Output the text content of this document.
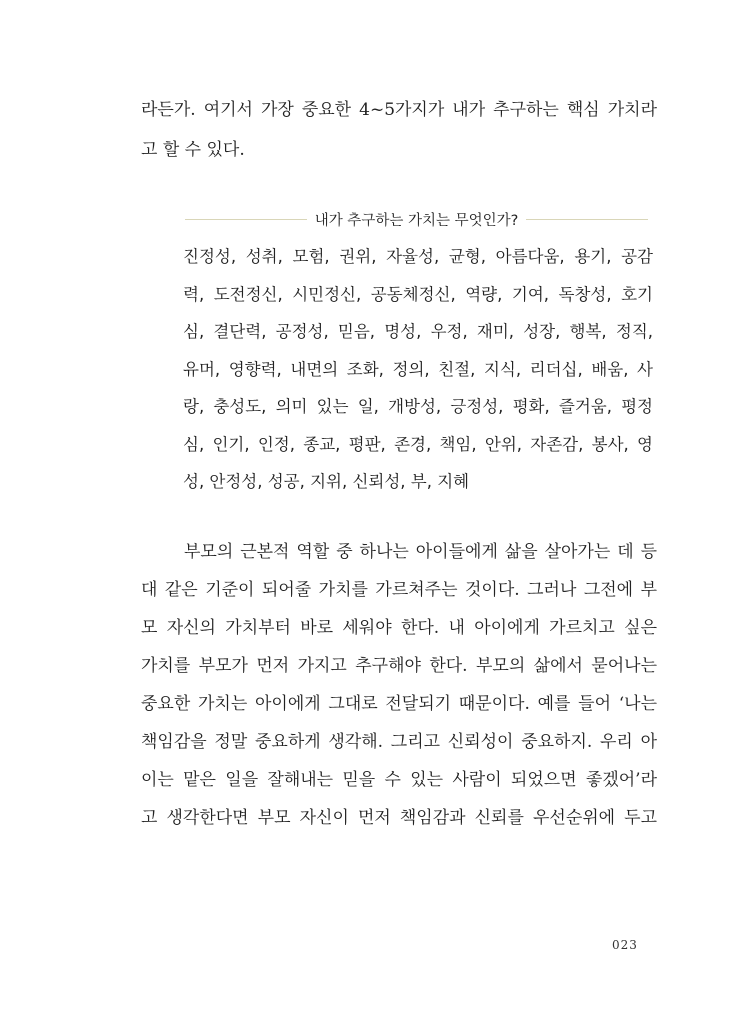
라든가. 여기서 가장 중요한 4~5가지가 내가 추구하는 핵심 가치라
고 할 수 있다.
내가 추구하는 가치는 무엇인가?
진정성, 성취, 모험, 권위, 자율성, 균형, 아름다움, 용기, 공감
력, 도전정신, 시민정신, 공동체정신, 역량, 기여, 독창성, 호기
심, 결단력, 공정성, 믿음, 명성, 우정, 재미, 성장, 행복, 정직,
유머, 영향력, 내면의 조화, 정의, 친절, 지식, 리더십, 배움, 사
랑, 충성도, 의미 있는 일, 개방성, 긍정성, 평화, 즐거움, 평정
심, 인기, 인정, 종교, 평판, 존경, 책임, 안위, 자존감, 봉사, 영
성, 안정성, 성공, 지위, 신뢰성, 부, 지혜
부모의 근본적 역할 중 하나는 아이들에게 삶을 살아가는 데 등
대 같은 기준이 되어줄 가치를 가르쳐주는 것이다. 그러나 그전에 부
모 자신의 가치부터 바로 세워야 한다. 내 아이에게 가르치고 싶은
가치를 부모가 먼저 가지고 추구해야 한다. 부모의 삶에서 묻어나는
중요한 가치는 아이에게 그대로 전달되기 때문이다. 예를 들어 ‘나는
책임감을 정말 중요하게 생각해. 그리고 신뢰성이 중요하지. 우리 아
이는 맡은 일을 잘해내는 믿을 수 있는 사람이 되었으면 좋겠어’라
고 생각한다면 부모 자신이 먼저 책임감과 신뢰를 우선순위에 두고
023
